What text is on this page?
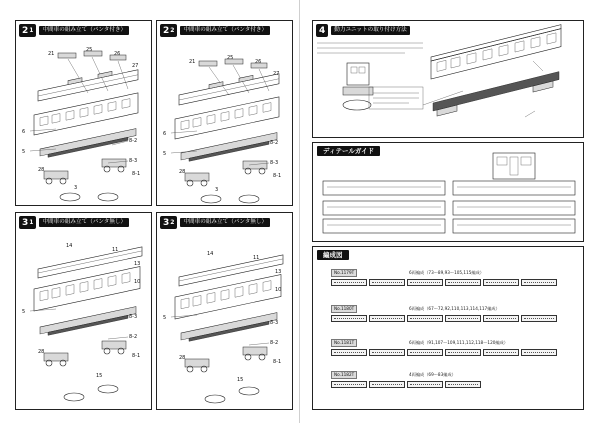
2 1	中間車の組み立て（パンタ付き）
21
25
26
27
6
5
8-2
8-3
28
8-1
3
2 2	中間車の組み立て（パンタ付き）
21
25
26
27
6
5
8-2
8-3
28
8-1
3
3 1	中間車の組み立て（パンタ無し）
14
11
13
10
5
8-3
8-2
8-1
28
15
3 2	中間車の組み立て（パンタ無し）
14
11
13
10
5
8-3
8-2
8-1
28
15
4	動力ユニットの取り付け方法
ディテールガイド
編成図
No.1179T	6両編成（73〜89,93〜105,115編成）
No.1180T	6両編成（67〜72,92,110,113,114,117編成）
No.1181T	6両編成（91,107〜109,111,112,118〜120編成）
No.1182T	4両編成（69〜83編成）
